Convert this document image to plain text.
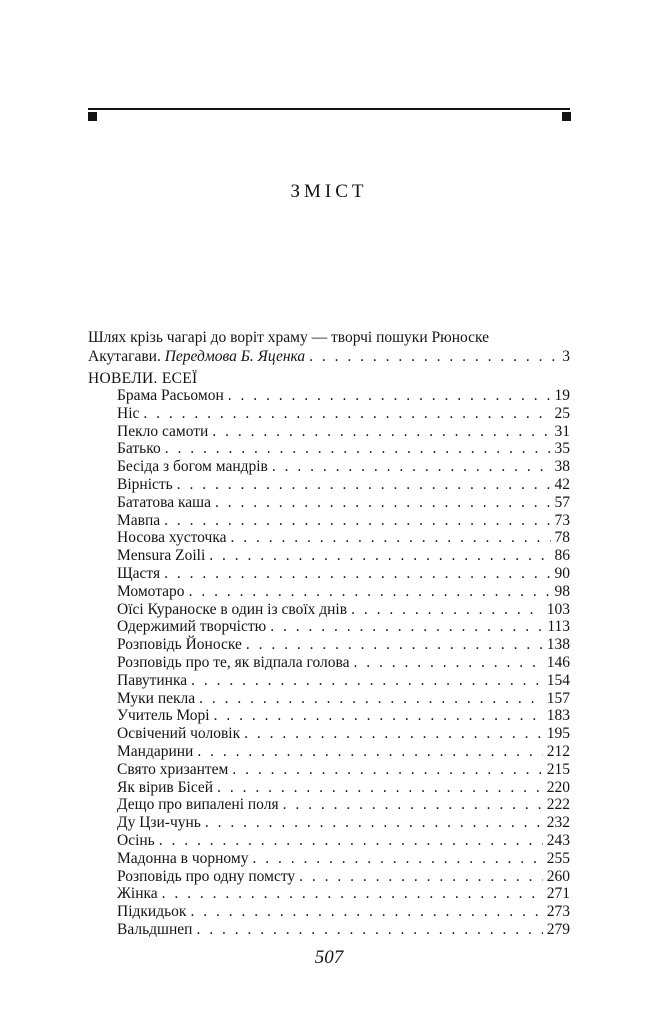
ЗМІСТ
Шлях крізь чагарі до воріт храму — творчі пошуки Рюноске
Акутагави.
Передмова Б. Яценка . . .	3
НОВЕЛИ. ЕСЕЇ
Брама Расьомон . . .	19
Ніс . . .	25
Пекло самоти . . .	31
Батько . . .	35
Бесіда з богом мандрів . . .	38
Вірність . . .	42
Бататова каша . . .	57
Мавпа . . .	73
Носова хусточка . . .	78
Mensura Zoili . . .	86
Щастя . . .	90
Момотаро . . .	98
Оїсі Кураноске в один із своїх днів . . .	103
Одержимий творчістю . . .	113
Розповідь Йоноске . . .	138
Розповідь про те, як відпала голова . . .	146
Павутинка . . .	154
Муки пекла . . .	157
Учитель Морі . . .	183
Освічений чоловік . . .	195
Мандарини . . .	212
Свято хризантем . . .	215
Як вірив Бісей . . .	220
Дещо про випалені поля . . .	222
Ду Цзи-чунь . . .	232
Осінь . . .	243
Мадонна в чорному . . .	255
Розповідь про одну помсту . . .	260
Жінка . . .	271
Підкидьок . . .	273
Вальдшнеп . . .	279
507
